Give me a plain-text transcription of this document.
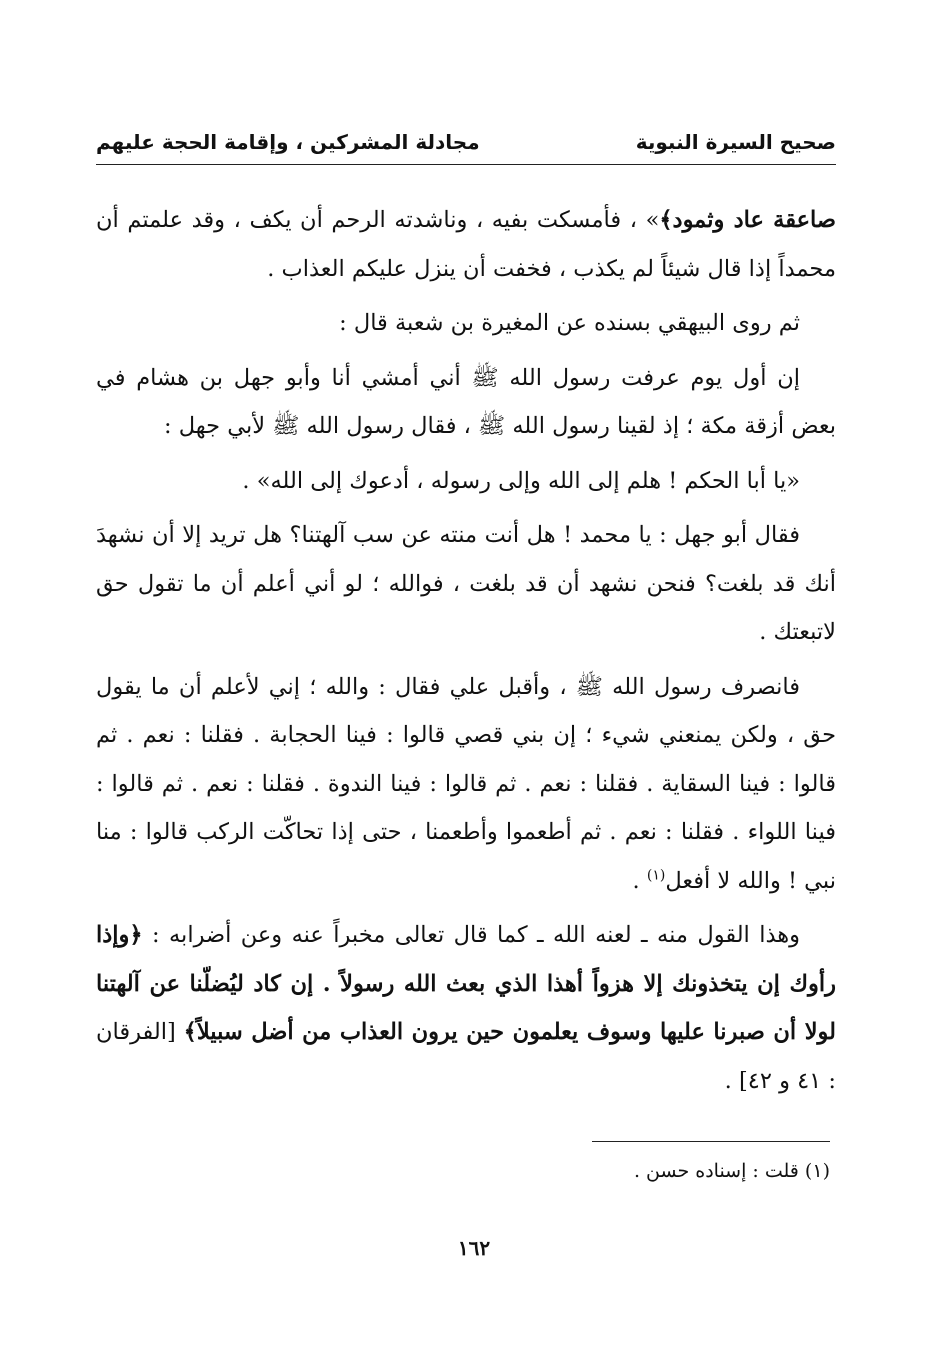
صحيح السيرة النبوية
مجادلة المشركين ، وإقامة الحجة عليهم

صاعقة عاد وثمود﴾» ، فأمسكت بفيه ، وناشدته الرحم أن يكف ، وقد علمتم أن محمداً إذا قال شيئاً لم يكذب ، فخفت أن ينزل عليكم العذاب .

ثم روى البيهقي بسنده عن المغيرة بن شعبة قال :

إن أول يوم عرفت رسول الله ﷺ أني أمشي أنا وأبو جهل بن هشام في بعض أزقة مكة ؛ إذ لقينا رسول الله ﷺ ، فقال رسول الله ﷺ لأبي جهل :

«يا أبا الحكم ! هلم إلى الله وإلى رسوله ، أدعوك إلى الله» .

فقال أبو جهل : يا محمد ! هل أنت منته عن سب آلهتنا؟ هل تريد إلا أن نشهدَ أنك قد بلغت؟ فنحن نشهد أن قد بلغت ، فوالله ؛ لو أني أعلم أن ما تقول حق لاتبعتك .

فانصرف رسول الله ﷺ ، وأقبل علي فقال : والله ؛ إني لأعلم أن ما يقول حق ، ولكن يمنعني شيء ؛ إن بني قصي قالوا : فينا الحجابة . فقلنا : نعم . ثم قالوا : فينا السقاية . فقلنا : نعم . ثم قالوا : فينا الندوة . فقلنا : نعم . ثم قالوا : فينا اللواء . فقلنا : نعم . ثم أطعموا وأطعمنا ، حتى إذا تحاكّت الركب قالوا : منا نبي ! والله لا أفعل$^{(١)}$ .

وهذا القول منه ـ لعنه الله ـ كما قال تعالى مخبراً عنه وعن أضرابه : ﴿وإذا رأوك إن يتخذونك إلا هزواً أهذا الذي بعث الله رسولاً . إن كاد ليُضلّنا عن آلهتنا لولا أن صبرنا عليها وسوف يعلمون حين يرون العذاب من أضل سبيلاً﴾ [الفرقان : ٤١ و ٤٢] .

(١) قلت : إسناده حسن .
١٦٢
